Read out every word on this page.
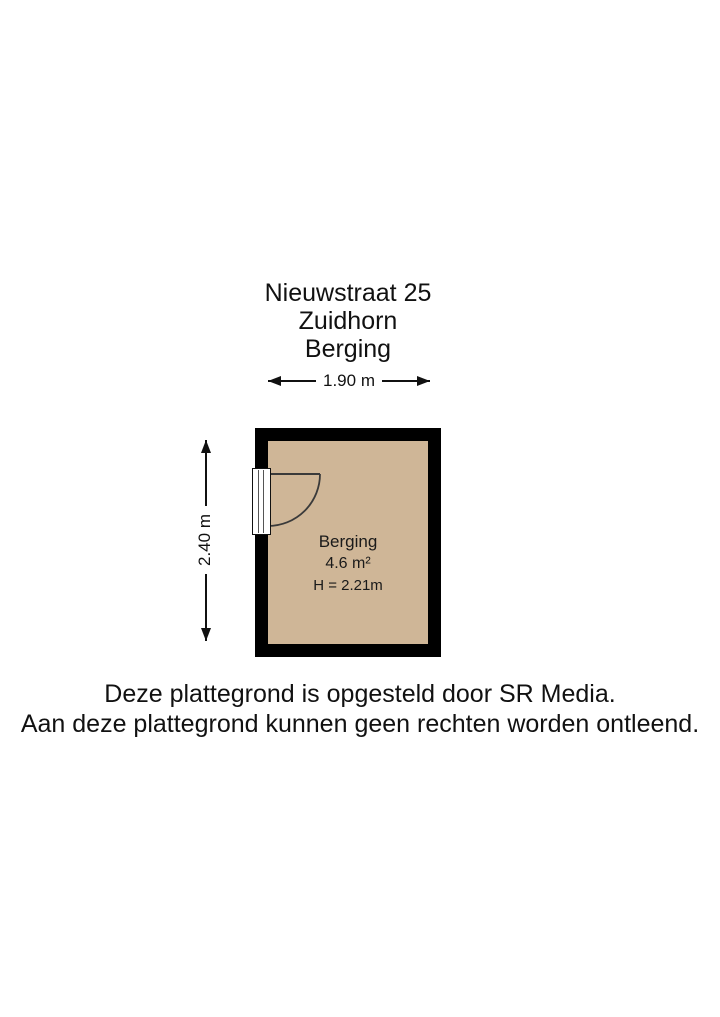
Nieuwstraat 25
Zuidhorn
Berging
1.90 m
2.40 m	Berging
4.6 m²
H = 2.21m
Deze plattegrond is opgesteld door SR Media.
Aan deze plattegrond kunnen geen rechten worden ontleend.
